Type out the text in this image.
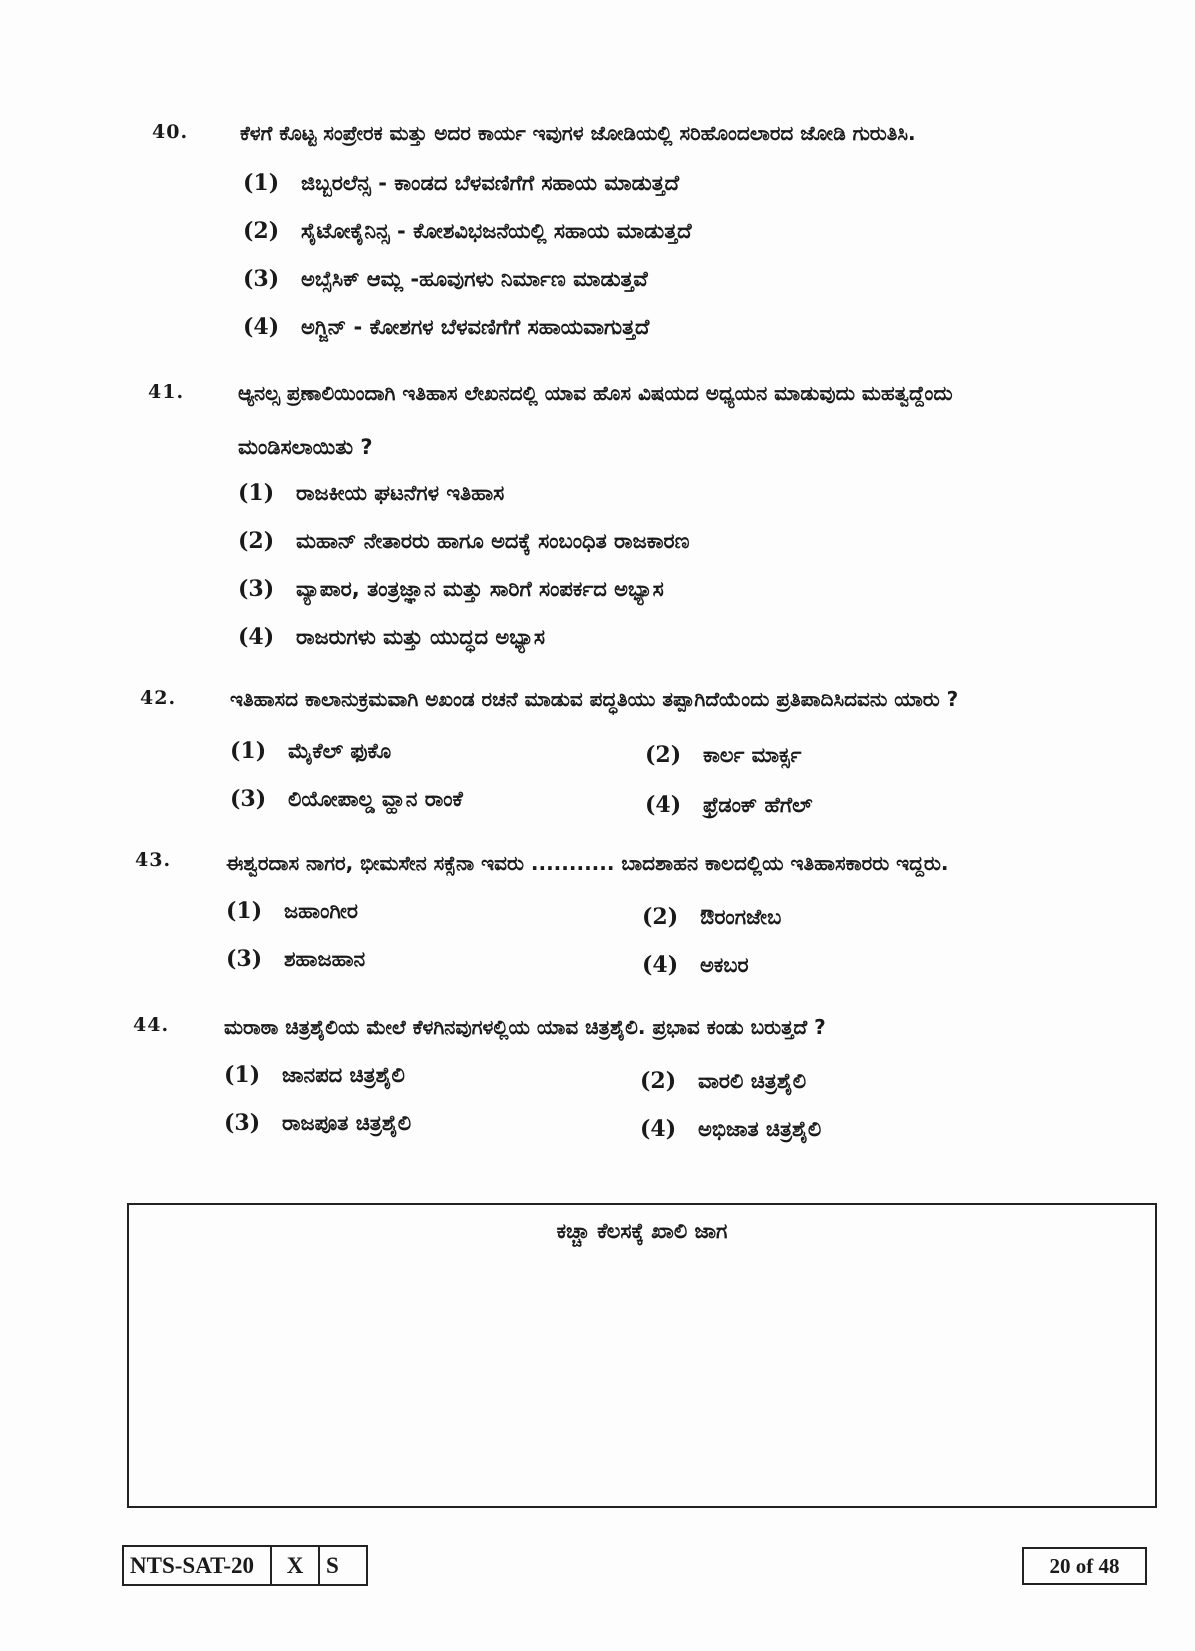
40.	ಕೆಳಗೆ ಕೊಟ್ಟ ಸಂಪ್ರೇರಕ ಮತ್ತು ಅದರ ಕಾರ್ಯ ಇವುಗಳ ಜೋಡಿಯಲ್ಲಿ ಸರಿಹೊಂದಲಾರದ ಜೋಡಿ ಗುರುತಿಸಿ.
(1) ಜಿಬ್ಬರಲೆನ್ಸ - ಕಾಂಡದ ಬೆಳವಣಿಗೆಗೆ ಸಹಾಯ ಮಾಡುತ್ತದೆ
(2) ಸೈಟೋಕೈನಿನ್ಸ - ಕೋಶವಿಭಜನೆಯಲ್ಲಿ ಸಹಾಯ ಮಾಡುತ್ತದೆ
(3) ಅಬ್ಸೆಸಿಕ್ ಆಮ್ಲ -ಹೂವುಗಳು ನಿರ್ಮಾಣ ಮಾಡುತ್ತವೆ
(4) ಅಗ್ಜಿನ್ - ಕೋಶಗಳ ಬೆಳವಣಿಗೆಗೆ ಸಹಾಯವಾಗುತ್ತದೆ
41.	ಆ್ಯನಲ್ಸ ಪ್ರಣಾಲಿಯಿಂದಾಗಿ ಇತಿಹಾಸ ಲೇಖನದಲ್ಲಿ ಯಾವ ಹೊಸ ವಿಷಯದ ಅಧ್ಯಯನ ಮಾಡುವುದು ಮಹತ್ವದ್ದೆಂದು
ಮಂಡಿಸಲಾಯಿತು ?
(1) ರಾಜಕೀಯ ಘಟನೆಗಳ ಇತಿಹಾಸ
(2) ಮಹಾನ್ ನೇತಾರರು ಹಾಗೂ ಅದಕ್ಕೆ ಸಂಬಂಧಿತ ರಾಜಕಾರಣ
(3) ವ್ಯಾಪಾರ, ತಂತ್ರಜ್ಞಾನ ಮತ್ತು ಸಾರಿಗೆ ಸಂಪರ್ಕದ ಅಭ್ಯಾಸ
(4) ರಾಜರುಗಳು ಮತ್ತು ಯುದ್ಧದ ಅಭ್ಯಾಸ
42.	ಇತಿಹಾಸದ ಕಾಲಾನುಕ್ರಮವಾಗಿ ಅಖಂಡ ರಚನೆ ಮಾಡುವ ಪದ್ಧತಿಯು ತಪ್ಪಾಗಿದೆಯೆಂದು ಪ್ರತಿಪಾದಿಸಿದವನು ಯಾರು ?
(1) ಮೈಕೆಲ್ ಫುಕೊ	(2) ಕಾರ್ಲ ಮಾರ್ಕ್ಸ
(3) ಲಿಯೋಪಾಲ್ಡ ವ್ಹಾನ ರಾಂಕೆ	(4) ಫ್ರೆಡಂಕ್ ಹೆಗೆಲ್
43.	ಈಶ್ವರದಾಸ ನಾಗರ, ಭೀಮಸೇನ ಸಕ್ಸೆನಾ ಇವರು ........... ಬಾದಶಾಹನ ಕಾಲದಲ್ಲಿಯ ಇತಿಹಾಸಕಾರರು ಇದ್ದರು.
(1) ಜಹಾಂಗೀರ	(2) ಔರಂಗಜೇಬ
(3) ಶಹಾಜಹಾನ	(4) ಅಕಬರ
44.	ಮರಾಠಾ ಚಿತ್ರಶೈಲಿಯ ಮೇಲೆ ಕೆಳಗಿನವುಗಳಲ್ಲಿಯ ಯಾವ ಚಿತ್ರಶೈಲಿ. ಪ್ರಭಾವ ಕಂಡು ಬರುತ್ತದೆ ?
(1) ಜಾನಪದ ಚಿತ್ರಶೈಲಿ	(2) ವಾರಲಿ ಚಿತ್ರಶೈಲಿ
(3) ರಾಜಪೂತ ಚಿತ್ರಶೈಲಿ	(4) ಅಭಿಜಾತ ಚಿತ್ರಶೈಲಿ
ಕಚ್ಚಾ ಕೆಲಸಕ್ಕೆ ಖಾಲಿ ಜಾಗ
NTS-SAT-20	X S	20 of 48
